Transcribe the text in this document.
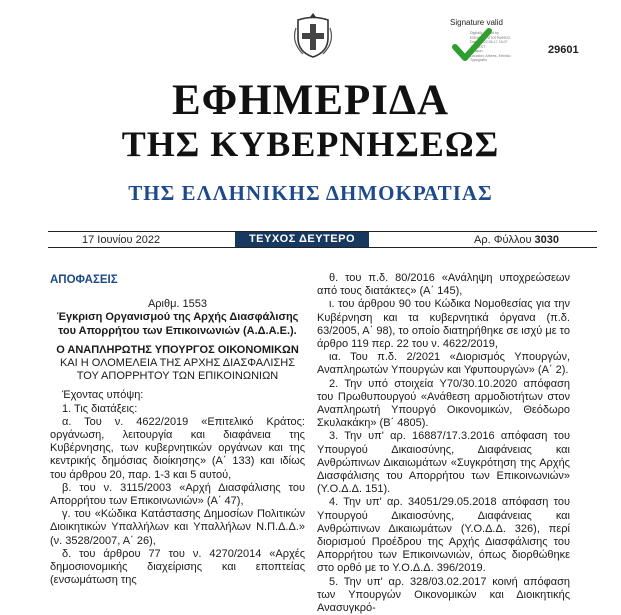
Signature valid
Digitally signed by
ΕΘΝΙΚΟ ΤΥΠΟΓΡΑΦΕΙΟ
Date: 2022.06.17 16:07
:34 EEST
Reason:
Location: Athens, Ethniko
Typografio
29601
ΕΦΗΜΕΡΙΔΑ
ΤΗΣ ΚΥΒΕΡΝΗΣΕΩΣ
ΤΗΣ ΕΛΛΗΝΙΚΗΣ ΔΗΜΟΚΡΑΤΙΑΣ
17 Ιουνίου 2022	ΤΕΥΧΟΣ ΔΕΥΤΕΡΟ	Αρ. Φύλλου 3030

ΑΠΟΦΑΣΕΙΣ

Αριθμ. 1553

Έγκριση Οργανισμού της Αρχής Διασφάλισης του Απορρήτου των Επικοινωνιών (Α.Δ.Α.Ε.).

Ο ΑΝΑΠΛΗΡΩΤΗΣ ΥΠΟΥΡΓΟΣ ΟΙΚΟΝΟΜΙΚΩΝ

ΚΑΙ Η ΟΛΟΜΕΛΕΙΑ ΤΗΣ ΑΡΧΗΣ ΔΙΑΣΦΑΛΙΣΗΣ ΤΟΥ ΑΠΟΡΡΗΤΟΥ ΤΩΝ ΕΠΙΚΟΙΝΩΝΙΩΝ

Έχοντας υπόψη:

1. Τις διατάξεις:

α. Του ν. 4622/2019 «Επιτελικό Κράτος: οργάνωση, λειτουργία και διαφάνεια της Κυβέρνησης, των κυβερνητικών οργάνων και της κεντρικής δημόσιας διοίκησης» (Α΄ 133) και ιδίως του άρθρου 20, παρ. 1-3 και 5 αυτού,

β. του ν. 3115/2003 «Αρχή Διασφάλισης του Απορρήτου των Επικοινωνιών» (Α΄ 47),

γ. του «Κώδικα Κατάστασης Δημοσίων Πολιτικών Διοικητικών Υπαλλήλων και Υπαλλήλων Ν.Π.Δ.Δ.» (ν. 3528/2007, Α΄ 26),

δ. του άρθρου 77 του ν. 4270/2014 «Αρχές δημοσιονομικής διαχείρισης και εποπτείας (ενσωμάτωση της

θ. του π.δ. 80/2016 «Ανάληψη υποχρεώσεων από τους διατάκτες» (Α΄ 145),

ι. του άρθρου 90 του Κώδικα Νομοθεσίας για την Κυβέρνηση και τα κυβερνητικά όργανα (π.δ. 63/2005, Α΄ 98), το οποίο διατηρήθηκε σε ισχύ με το άρθρο 119 περ. 22 του ν. 4622/2019,

ια. Του π.δ. 2/2021 «Διορισμός Υπουργών, Αναπληρωτών Υπουργών και Υφυπουργών» (Α΄ 2).

2. Την υπό στοιχεία Υ70/30.10.2020 απόφαση του Πρωθυπουργού «Ανάθεση αρμοδιοτήτων στον Αναπληρωτή Υπουργό Οικονομικών, Θεόδωρο Σκυλακάκη» (Β΄ 4805).

3. Την υπ' αρ. 16887/17.3.2016 απόφαση του Υπουργού Δικαιοσύνης, Διαφάνειας και Ανθρώπινων Δικαιωμάτων «Συγκρότηση της Αρχής Διασφάλισης του Απορρήτου των Επικοινωνιών» (Υ.Ο.Δ.Δ. 151).

4. Την υπ' αρ. 34051/29.05.2018 απόφαση του Υπουργού Δικαιοσύνης, Διαφάνειας και Ανθρώπινων Δικαιωμάτων (Υ.Ο.Δ.Δ. 326), περί διορισμού Προέδρου της Αρχής Διασφάλισης του Απορρήτου των Επικοινωνιών, όπως διορθώθηκε στο ορθό με το Υ.Ο.Δ.Δ. 396/2019.

5. Την υπ' αρ. 328/03.02.2017 κοινή απόφαση των Υπουργών Οικονομικών και Διοικητικής Ανασυγκρό-
